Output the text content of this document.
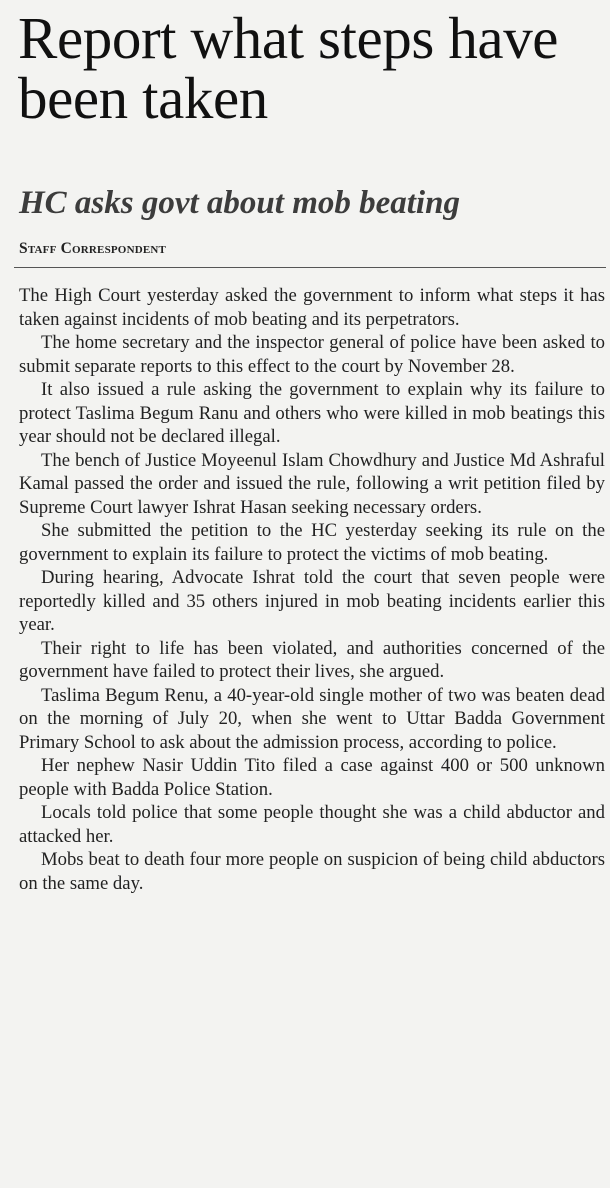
Report what steps have been taken
HC asks govt about mob beating
Staff Correspondent

The High Court yesterday asked the government to inform what steps it has taken against incidents of mob beating and its perpetrators.

The home secretary and the inspector general of police have been asked to submit separate reports to this effect to the court by November 28.

It also issued a rule asking the government to explain why its failure to protect Taslima Begum Ranu and others who were killed in mob beatings this year should not be declared illegal.

The bench of Justice Moyeenul Islam Chowdhury and Justice Md Ashraful Kamal passed the order and issued the rule, following a writ petition filed by Supreme Court lawyer Ishrat Hasan seeking necessary orders.

She submitted the petition to the HC yesterday seeking its rule on the government to explain its failure to protect the victims of mob beating.

During hearing, Advocate Ishrat told the court that seven people were reportedly killed and 35 others injured in mob beating incidents earlier this year.

Their right to life has been violated, and authorities concerned of the government have failed to protect their lives, she argued.

Taslima Begum Renu, a 40-year-old single mother of two was beaten dead on the morning of July 20, when she went to Uttar Badda Government Primary School to ask about the admission process, according to police.

Her nephew Nasir Uddin Tito filed a case against 400 or 500 unknown people with Badda Police Station.

Locals told police that some people thought she was a child abductor and attacked her.

Mobs beat to death four more people on suspicion of being child abductors on the same day.
